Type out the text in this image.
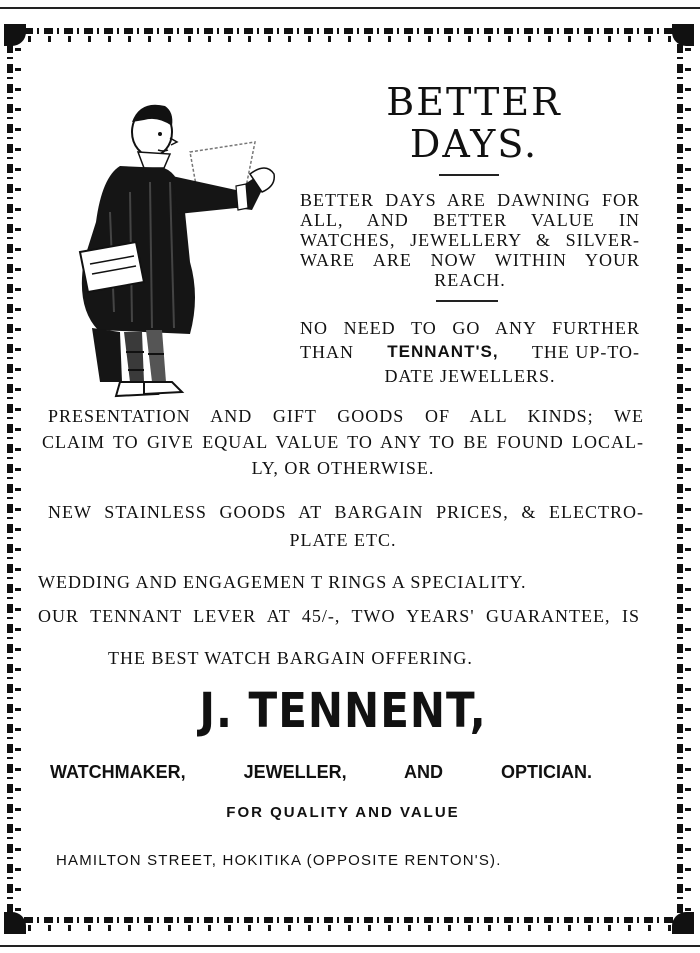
BETTER
DAYS.
BETTER DAYS ARE DAWNING FOR
ALL, AND BETTER VALUE IN
WATCHES, JEWELLERY & SILVER-
WARE ARE NOW WITHIN YOUR
REACH.
NO NEED TO GO ANY FURTHER
THAN TENNANT'S, THE UP-TO-
DATE JEWELLERS.
PRESENTATION AND GIFT GOODS OF ALL KINDS; WE
CLAIM TO GIVE EQUAL VALUE TO ANY TO BE FOUND LOCAL-
LY, OR OTHERWISE.
NEW STAINLESS GOODS AT BARGAIN PRICES, & ELECTRO-
PLATE ETC.
WEDDING AND ENGAGEMEN T RINGS A SPECIALITY.
OUR TENNANT LEVER AT 45/-, TWO YEARS' GUARANTEE, IS
THE BEST WATCH BARGAIN OFFERING.
J. TENNENT,
WATCHMAKER, JEWELLER, AND OPTICIAN.
FOR QUALITY AND VALUE
HAMILTON STREET, HOKITIKA (OPPOSITE RENTON'S).
